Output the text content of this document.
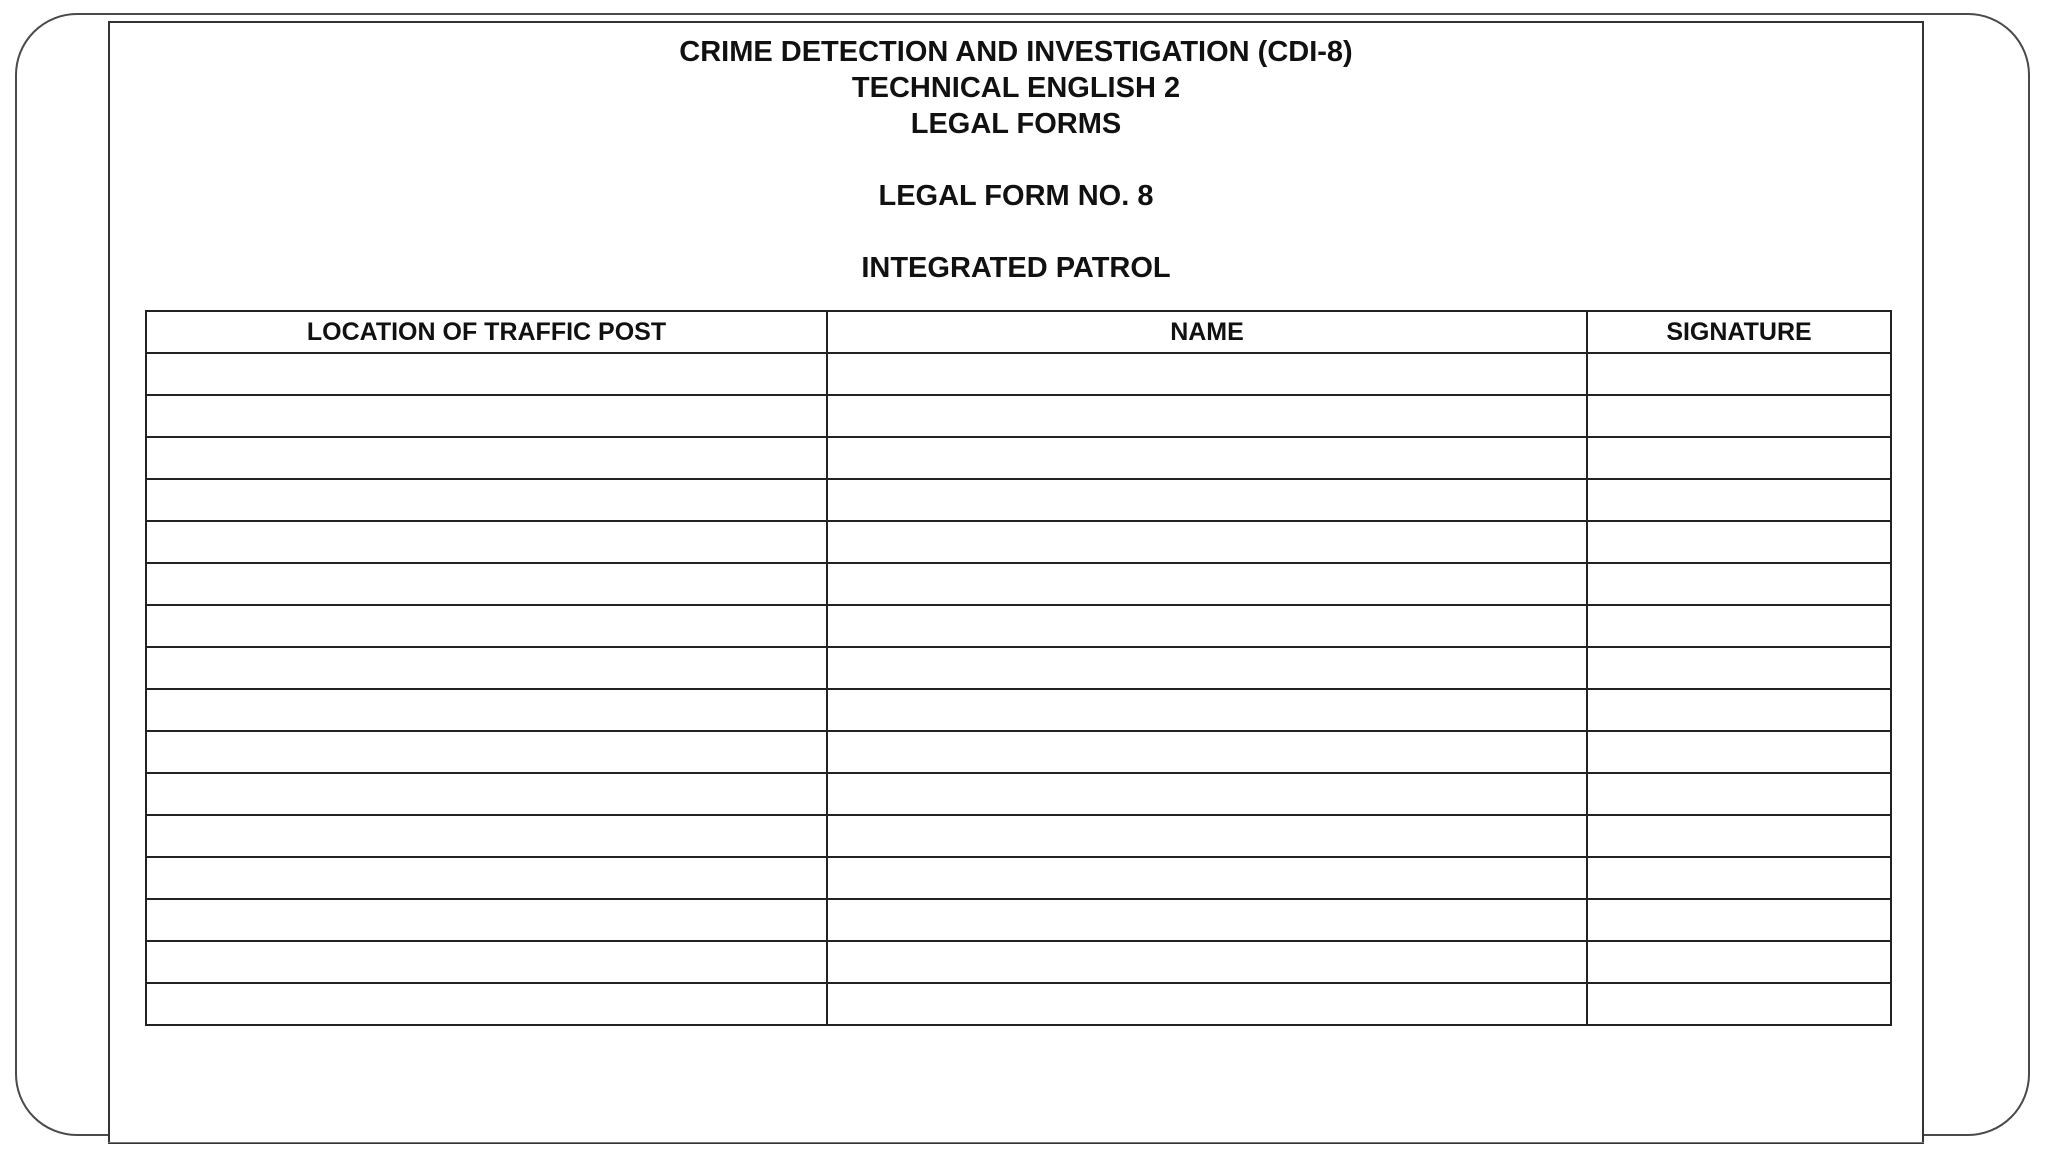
CRIME DETECTION AND INVESTIGATION (CDI-8)
TECHNICAL ENGLISH 2
LEGAL FORMS
LEGAL FORM NO. 8
INTEGRATED PATROL
LOCATION OF TRAFFIC POST	NAME	SIGNATURE
